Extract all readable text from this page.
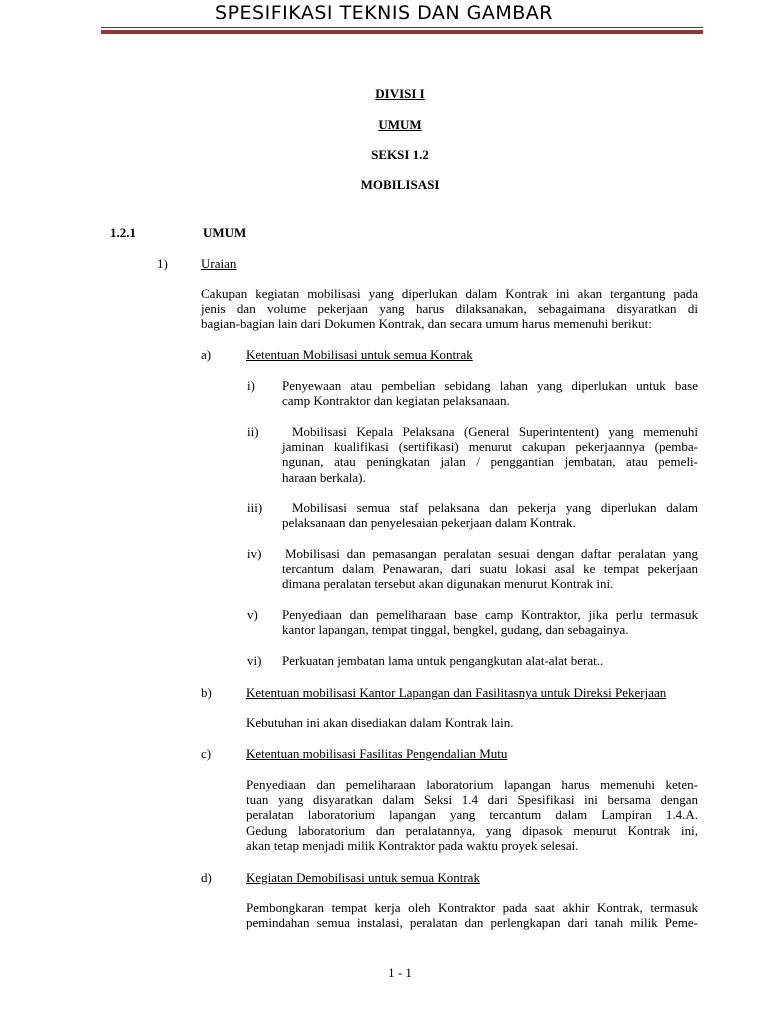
SPESIFIKASI TEKNIS DAN GAMBAR
DIVISI I
UMUM
SEKSI 1.2
MOBILISASI
1.2.1	UMUM
1)	Uraian
Cakupan kegiatan mobilisasi yang diperlukan dalam Kontrak ini akan tergantung pada
jenis dan volume pekerjaan yang harus dilaksanakan, sebagaimana disyaratkan di
bagian-bagian lain dari Dokumen Kontrak, dan secara umum harus memenuhi berikut:
a)	Ketentuan Mobilisasi untuk semua Kontrak
i) Penyewaan atau pembelian sebidang lahan yang diperlukan untuk base
camp Kontraktor dan kegiatan pelaksanaan.
ii)	Mobilisasi Kepala Pelaksana (General Superintentent) yang memenuhi
jaminan kualifikasi (sertifikasi) menurut cakupan pekerjaannya (pemba-
ngunan, atau peningkatan jalan / penggantian jembatan, atau pemeli-
haraan berkala).
iii)	Mobilisasi semua staf pelaksana dan pekerja yang diperlukan dalam
pelaksanaan dan penyelesaian pekerjaan dalam Kontrak.
iv) Mobilisasi dan pemasangan peralatan sesuai dengan daftar peralatan yang
tercantum dalam Penawaran, dari suatu lokasi asal ke tempat pekerjaan
dimana peralatan tersebut akan digunakan menurut Kontrak ini.
v) Penyediaan dan pemeliharaan base camp Kontraktor, jika perlu termasuk
kantor lapangan, tempat tinggal, bengkel, gudang, dan sebagainya.
vi) Perkuatan jembatan lama untuk pengangkutan alat-alat berat..
b)	Ketentuan mobilisasi Kantor Lapangan dan Fasilitasnya untuk Direksi Pekerjaan
Kebutuhan ini akan disediakan dalam Kontrak lain.
c)	Ketentuan mobilisasi Fasilitas Pengendalian Mutu
Penyediaan dan pemeliharaan laboratorium lapangan harus memenuhi keten-
tuan yang disyaratkan dalam Seksi 1.4 dari Spesifikasi ini bersama dengan
peralatan laboratorium lapangan yang tercantum dalam Lampiran 1.4.A.
Gedung laboratorium dan peralatannya, yang dipasok menurut Kontrak ini,
akan tetap menjadi milik Kontraktor pada waktu proyek selesai.
d)	Kegiatan Demobilisasi untuk semua Kontrak
Pembongkaran tempat kerja oleh Kontraktor pada saat akhir Kontrak, termasuk
pemindahan semua instalasi, peralatan dan perlengkapan dari tanah milik Peme-
1 - 1
